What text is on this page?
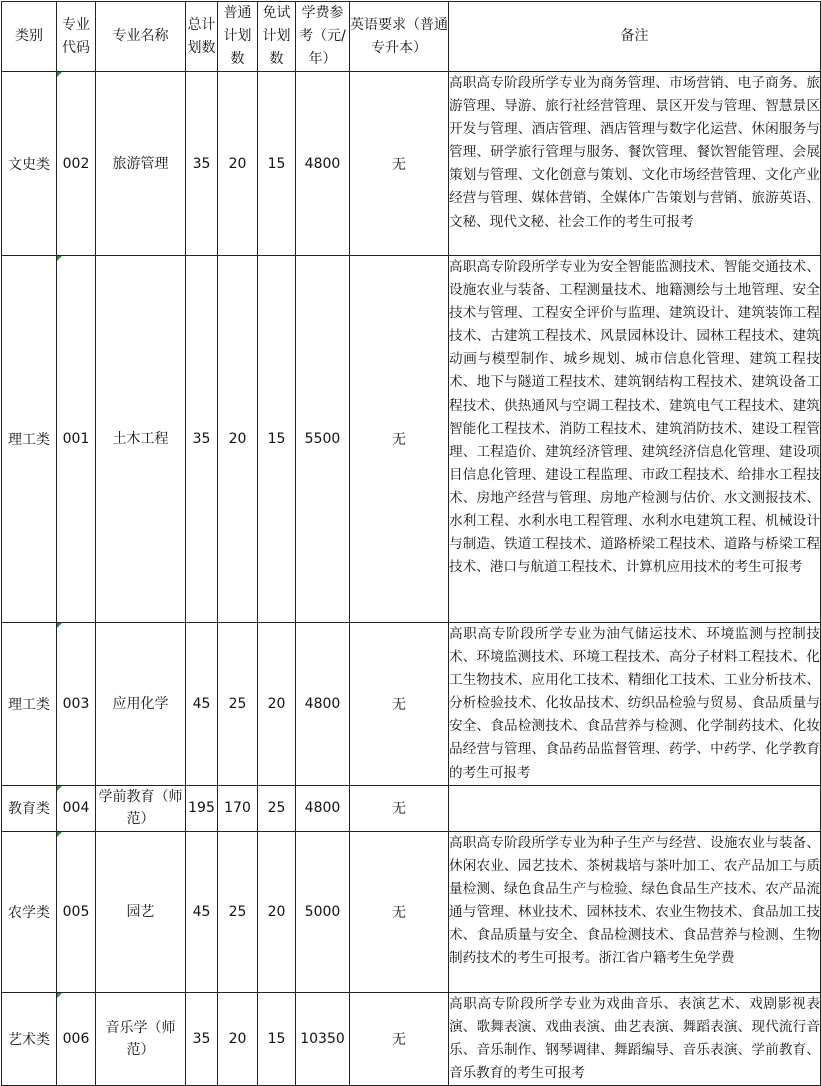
类别	专业代码	专业名称	总计划数	普通计划数	免试计划数	学费参考（元/年）	英语要求（普通专升本）	备注
文史类	002	旅游管理	35	20	15	4800	无	高职高专阶段所学专业为商务管理、市场营销、电子商务、旅游管理、导游、旅行社经营管理、景区开发与管理、智慧景区开发与管理、酒店管理、酒店管理与数字化运营、休闲服务与管理、研学旅行管理与服务、餐饮管理、餐饮智能管理、会展策划与管理、文化创意与策划、文化市场经营管理、文化产业经营与管理、媒体营销、全媒体广告策划与营销、旅游英语、文秘、现代文秘、社会工作的考生可报考
理工类	001	土木工程	35	20	15	5500	无	高职高专阶段所学专业为安全智能监测技术、智能交通技术、设施农业与装备、工程测量技术、地籍测绘与土地管理、安全技术与管理、工程安全评价与监理、建筑设计、建筑装饰工程技术、古建筑工程技术、风景园林设计、园林工程技术、建筑动画与模型制作、城乡规划、城市信息化管理、建筑工程技术、地下与隧道工程技术、建筑钢结构工程技术、建筑设备工程技术、供热通风与空调工程技术、建筑电气工程技术、建筑智能化工程技术、消防工程技术、建筑消防技术、建设工程管理、工程造价、建筑经济管理、建筑经济信息化管理、建设项目信息化管理、建设工程监理、市政工程技术、给排水工程技术、房地产经营与管理、房地产检测与估价、水文测报技术、水利工程、水利水电工程管理、水利水电建筑工程、机械设计与制造、铁道工程技术、道路桥梁工程技术、道路与桥梁工程技术、港口与航道工程技术、计算机应用技术的考生可报考
理工类	003	应用化学	45	25	20	4800	无	高职高专阶段所学专业为油气储运技术、环境监测与控制技术、环境监测技术、环境工程技术、高分子材料工程技术、化工生物技术、应用化工技术、精细化工技术、工业分析技术、分析检验技术、化妆品技术、纺织品检验与贸易、食品质量与安全、食品检测技术、食品营养与检测、化学制药技术、化妆品经营与管理、食品药品监督管理、药学、中药学、化学教育的考生可报考
教育类	004	学前教育（师范）	195	170	25	4800	无	
农学类	005	园艺	45	25	20	5000	无	高职高专阶段所学专业为种子生产与经营、设施农业与装备、休闲农业、园艺技术、茶树栽培与茶叶加工、农产品加工与质量检测、绿色食品生产与检验、绿色食品生产技术、农产品流通与管理、林业技术、园林技术、农业生物技术、食品加工技术、食品质量与安全、食品检测技术、食品营养与检测、生物制药技术的考生可报考。浙江省户籍考生免学费
艺术类	006	音乐学（师范）	35	20	15	10350	无	高职高专阶段所学专业为戏曲音乐、表演艺术、戏剧影视表演、歌舞表演、戏曲表演、曲艺表演、舞蹈表演、现代流行音乐、音乐制作、钢琴调律、舞蹈编导、音乐表演、学前教育、音乐教育的考生可报考
